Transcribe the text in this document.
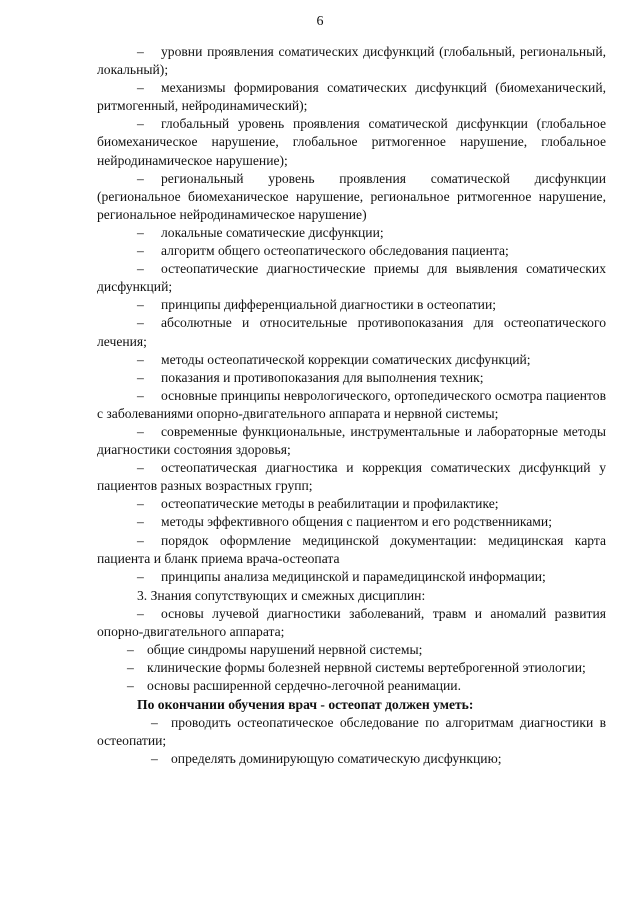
6
– уровни проявления соматических дисфункций (глобальный, региональный, локальный);
– механизмы формирования соматических дисфункций (биомеханический, ритмогенный, нейродинамический);
– глобальный уровень проявления соматической дисфункции (глобальное биомеханическое нарушение, глобальное ритмогенное нарушение, глобальное нейродинамическое нарушение);
– региональный уровень проявления соматической дисфункции (региональное биомеханическое нарушение, региональное ритмогенное нарушение, региональное нейродинамическое нарушение)
– локальные соматические дисфункции;
– алгоритм общего остеопатического обследования пациента;
– остеопатические диагностические приемы для выявления соматических дисфункций;
– принципы дифференциальной диагностики в остеопатии;
– абсолютные и относительные противопоказания для остеопатического лечения;
– методы остеопатической коррекции соматических дисфункций;
– показания и противопоказания для выполнения техник;
– основные принципы неврологического, ортопедического осмотра пациентов с заболеваниями опорно-двигательного аппарата и нервной системы;
– современные функциональные, инструментальные и лабораторные методы диагностики состояния здоровья;
– остеопатическая диагностика и коррекция соматических дисфункций у пациентов разных возрастных групп;
– остеопатические методы в реабилитации и профилактике;
– методы эффективного общения с пациентом и его родственниками;
– порядок оформление медицинской документации: медицинская карта пациента и бланк приема врача-остеопата
– принципы анализа медицинской и парамедицинской информации;
3. Знания сопутствующих и смежных дисциплин:
– основы лучевой диагностики заболеваний, травм и аномалий развития опорно-двигательного аппарата;
– общие синдромы нарушений нервной системы;
– клинические формы болезней нервной системы вертеброгенной этиологии;
– основы расширенной сердечно-легочной реанимации.
По окончании обучения врач - остеопат должен уметь:
– проводить остеопатическое обследование по алгоритмам диагностики в остеопатии;
– определять доминирующую соматическую дисфункцию;
